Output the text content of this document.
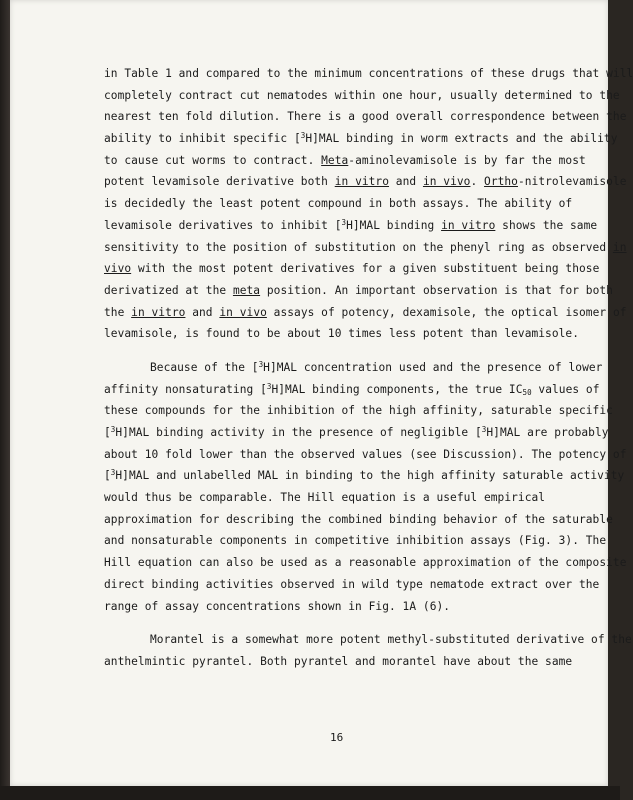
in Table 1 and compared to the minimum concentrations of these drugs that will
completely contract cut nematodes within one hour, usually determined to the
nearest ten fold dilution. There is a good overall correspondence between the
ability to inhibit specific [$^3$H]MAL binding in worm extracts and the ability
to cause cut worms to contract. Meta-aminolevamisole is by far the most
potent levamisole derivative both in vitro and in vivo. Ortho-nitrolevamisole
is decidedly the least potent compound in both assays. The ability of
levamisole derivatives to inhibit [$^3$H]MAL binding in vitro shows the same
sensitivity to the position of substitution on the phenyl ring as observed in
vivo with the most potent derivatives for a given substituent being those
derivatized at the meta position. An important observation is that for both
the in vitro and in vivo assays of potency, dexamisole, the optical isomer of
levamisole, is found to be about 10 times less potent than levamisole.
Because of the [$^3$H]MAL concentration used and the presence of lower
affinity nonsaturating [$^3$H]MAL binding components, the true $IC_{50}$ values of
these compounds for the inhibition of the high affinity, saturable specific
[$^3$H]MAL binding activity in the presence of negligible [$^3$H]MAL are probably
about 10 fold lower than the observed values (see Discussion). The potency of
[$^3$H]MAL and unlabelled MAL in binding to the high affinity saturable activity
would thus be comparable. The Hill equation is a useful empirical
approximation for describing the combined binding behavior of the saturable
and nonsaturable components in competitive inhibition assays (Fig. 3). The
Hill equation can also be used as a reasonable approximation of the composite
direct binding activities observed in wild type nematode extract over the
range of assay concentrations shown in Fig. 1A (6).
Morantel is a somewhat more potent methyl-substituted derivative of the
anthelmintic pyrantel. Both pyrantel and morantel have about the same
16
